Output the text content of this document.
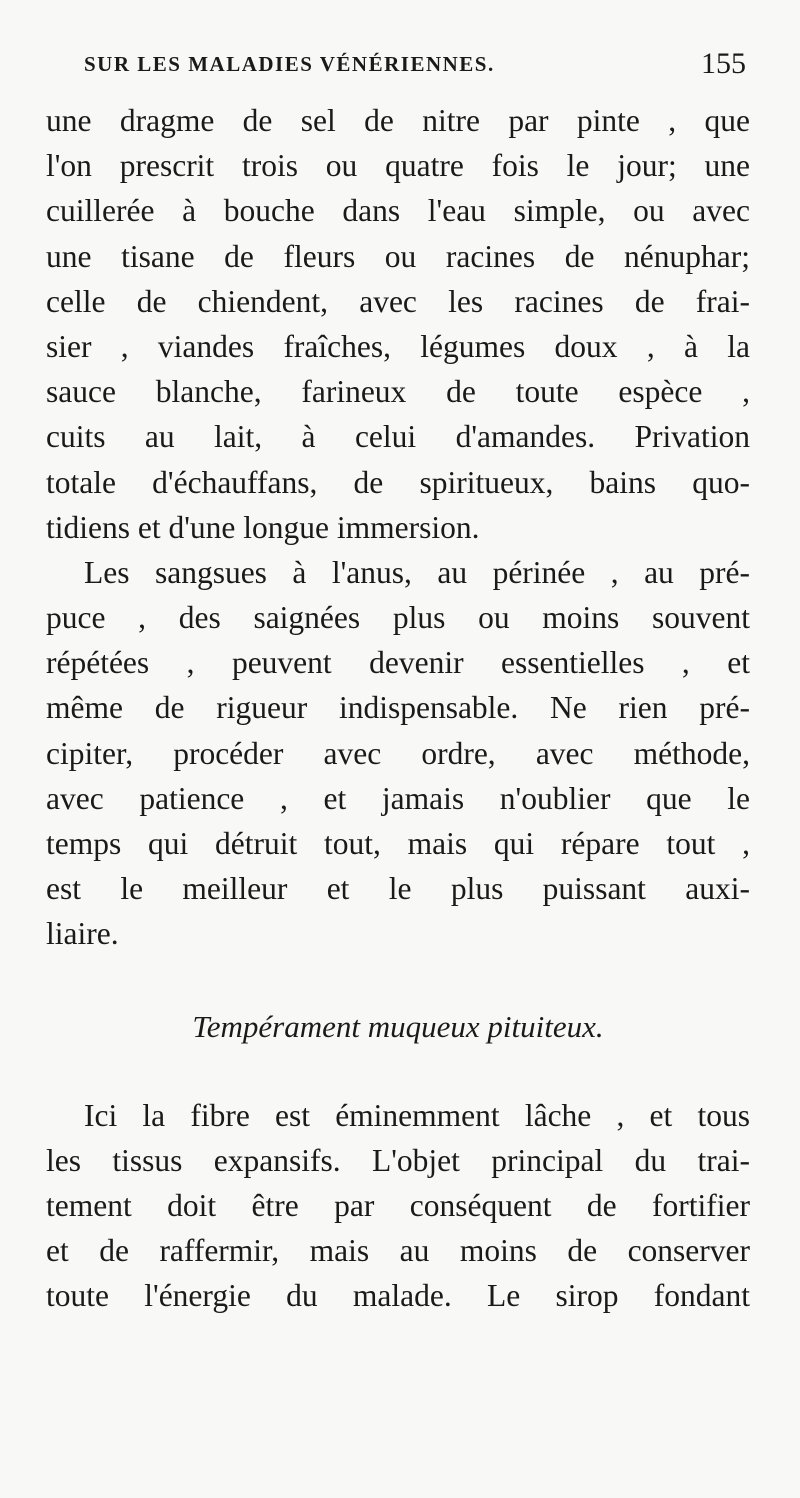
SUR LES MALADIES VÉNÉRIENNES.	155
une dragme de sel de nitre par pinte , que
l'on prescrit trois ou quatre fois le jour; une
cuillerée à bouche dans l'eau simple, ou avec
une tisane de fleurs ou racines de nénuphar;
celle de chiendent, avec les racines de frai-
sier , viandes fraîches, légumes doux , à la
sauce blanche, farineux de toute espèce ,
cuits au lait, à celui d'amandes. Privation
totale d'échauffans, de spiritueux, bains quo-
tidiens et d'une longue immersion.
Les sangsues à l'anus, au périnée , au pré-
puce , des saignées plus ou moins souvent
répétées , peuvent devenir essentielles , et
même de rigueur indispensable. Ne rien pré-
cipiter, procéder avec ordre, avec méthode,
avec patience , et jamais n'oublier que le
temps qui détruit tout, mais qui répare tout ,
est le meilleur et le plus puissant auxi-
liaire.
Tempérament muqueux pituiteux.
Ici la fibre est éminemment lâche , et tous
les tissus expansifs. L'objet principal du trai-
tement doit être par conséquent de fortifier
et de raffermir, mais au moins de conserver
toute l'énergie du malade. Le sirop fondant
